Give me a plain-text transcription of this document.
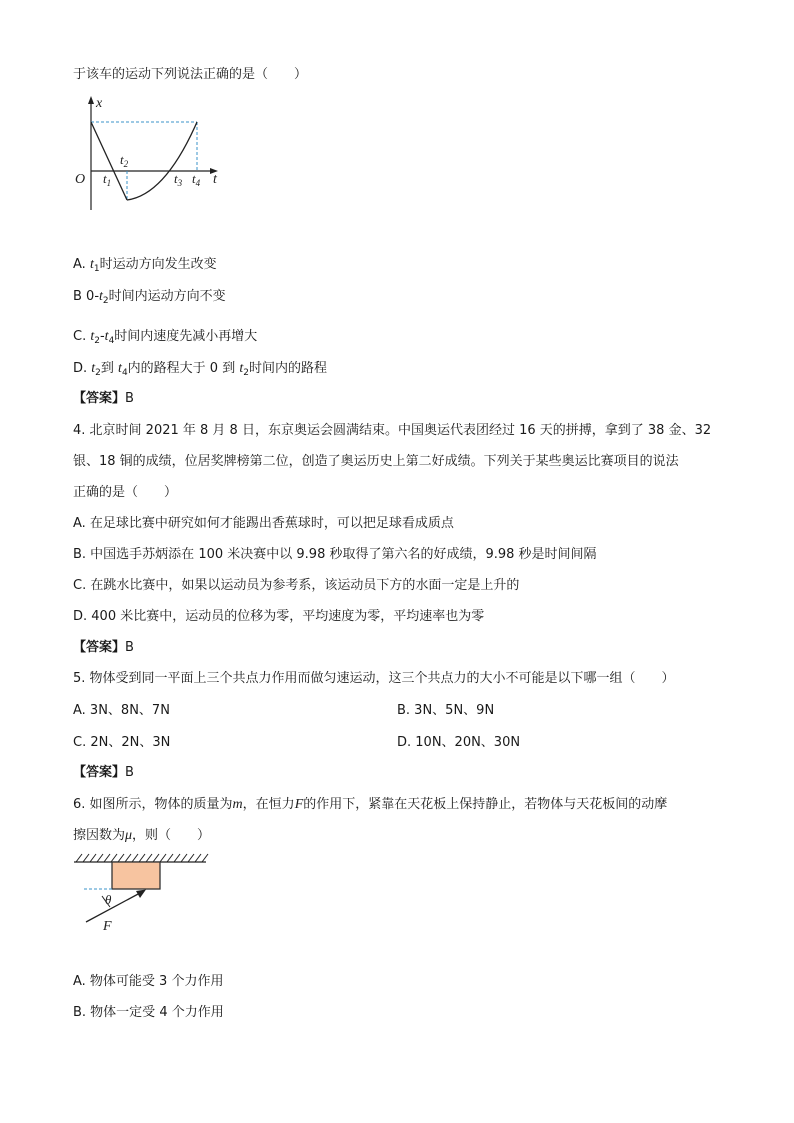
于该车的运动下列说法正确的是（　　）
x
t
O $t_1$
$t_2$
$t_3$ $t_4$
A. $t_1$时运动方向发生改变
B $0-t_2$时间内运动方向不变
C. $t_2-t_4$时间内速度先减小再增大
D. $t_2$到 $t_4$内的路程大于 0 到 $t_2$时间内的路程
【答案】B
4. 北京时间 2021 年 8 月 8 日，东京奥运会圆满结束。中国奥运代表团经过 16 天的拼搏，拿到了 38 金、32
银、18 铜的成绩，位居奖牌榜第二位，创造了奥运历史上第二好成绩。下列关于某些奥运比赛项目的说法
正确的是（　　）
A. 在足球比赛中研究如何才能踢出香蕉球时，可以把足球看成质点
B. 中国选手苏炳添在 100 米决赛中以 9.98 秒取得了第六名的好成绩，9.98 秒是时间间隔
C. 在跳水比赛中，如果以运动员为参考系，该运动员下方的水面一定是上升的
D. 400 米比赛中，运动员的位移为零，平均速度为零，平均速率也为零
【答案】B
5. 物体受到同一平面上三个共点力作用而做匀速运动，这三个共点力的大小不可能是以下哪一组（　　）
A. 3N、8N、7N	B. 3N、5N、9N
C. 2N、2N、3N	D. 10N、20N、30N
【答案】B
6. 如图所示，物体的质量为m，在恒力F的作用下，紧靠在天花板上保持静止，若物体与天花板间的动摩
擦因数为μ，则（　　）
θ
F
A. 物体可能受 3 个力作用
B. 物体一定受 4 个力作用
